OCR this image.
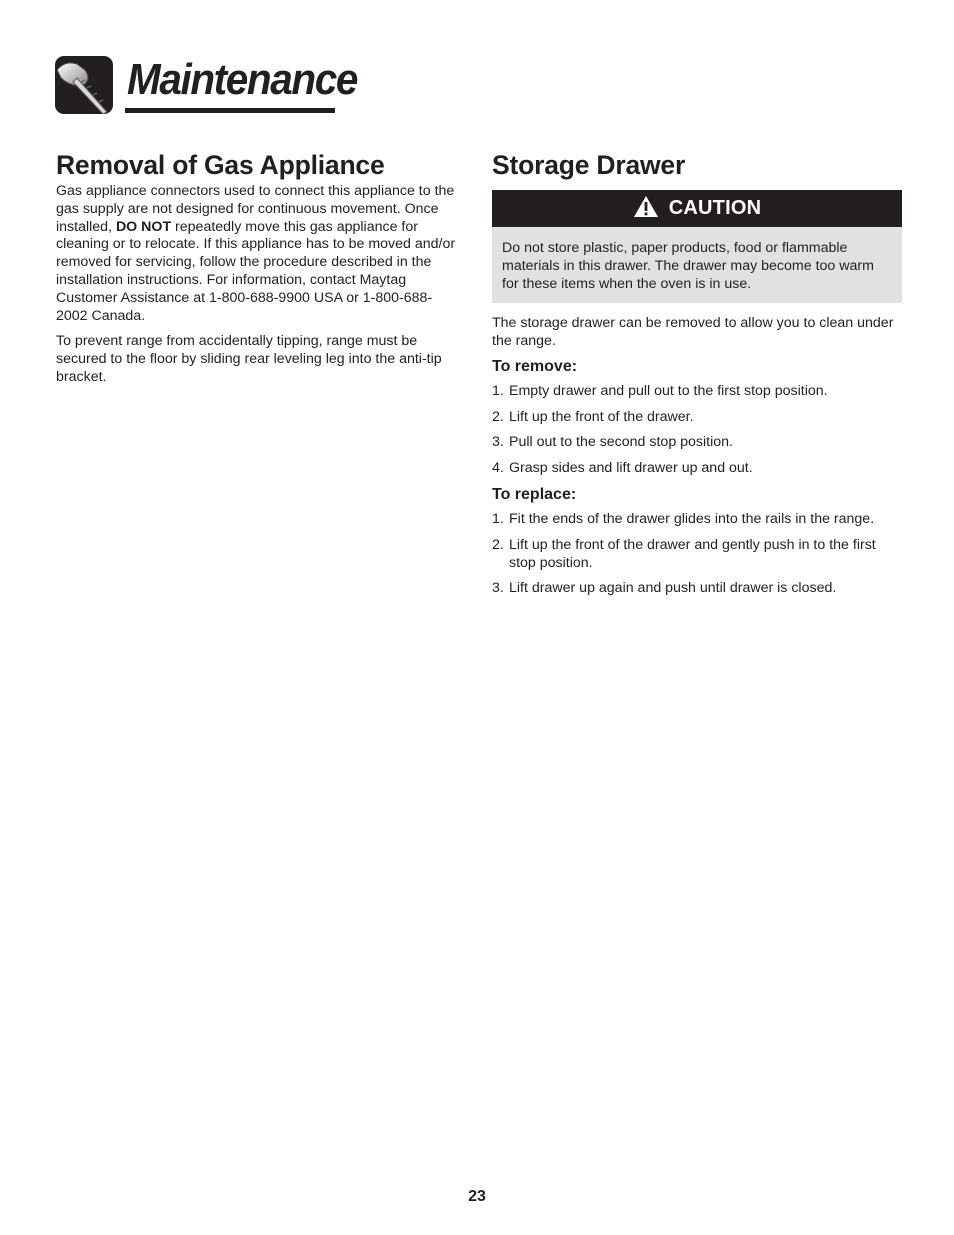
Maintenance
Removal of Gas Appliance

Gas appliance connectors used to connect this appliance to the gas supply are not designed for continuous movement. Once installed, DO NOT repeatedly move this gas appliance for cleaning or to relocate. If this appliance has to be moved and/or removed for servicing, follow the procedure described in the installation instructions. For information, contact Maytag Customer Assistance at 1-800-688-9900 USA or 1-800-688-2002 Canada.

To prevent range from accidentally tipping, range must be secured to the floor by sliding rear leveling leg into the anti-tip bracket.

Storage Drawer
CAUTION
Do not store plastic, paper products, food or flammable materials in this drawer. The drawer may become too warm for these items when the oven is in use.

The storage drawer can be removed to allow you to clean under the range.

To remove:
1. Empty drawer and pull out to the first stop position.
2. Lift up the front of the drawer.
3. Pull out to the second stop position.
4. Grasp sides and lift drawer up and out.
To replace:
1. Fit the ends of the drawer glides into the rails in the range.
2. Lift up the front of the drawer and gently push in to the first stop position.
3. Lift drawer up again and push until drawer is closed.
23
